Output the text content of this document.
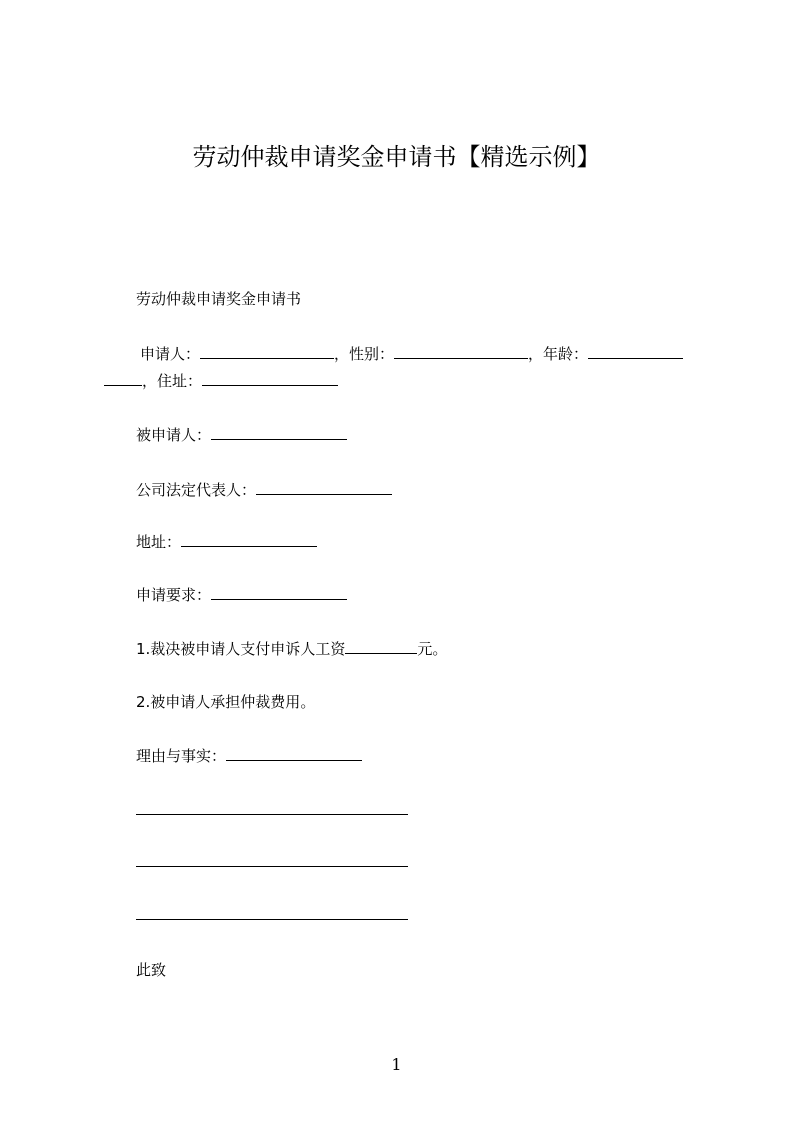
劳动仲裁申请奖金申请书【精选示例】
劳动仲裁申请奖金申请书
申请人：	，性别：	，年龄：
，住址：
被申请人：
公司法定代表人：
地址：
申请要求：
1.裁决被申请人支付申诉人工资	元。
2.被申请人承担仲裁费用。
理由与事实：
此致
1
